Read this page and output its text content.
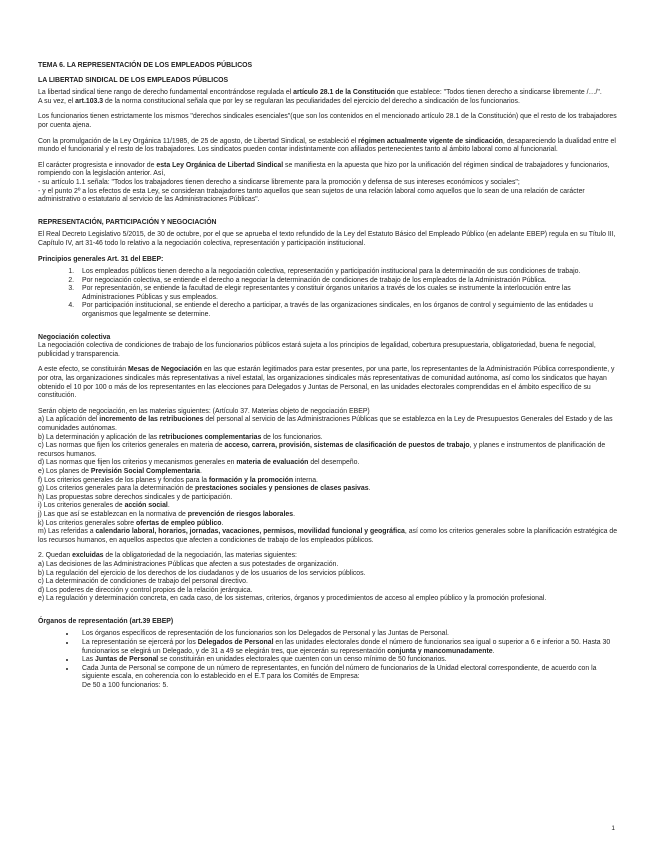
TEMA 6. LA REPRESENTACIÓN DE LOS EMPLEADOS PÚBLICOS

LA LIBERTAD SINDICAL DE LOS EMPLEADOS PÚBLICOS

La libertad sindical tiene rango de derecho fundamental encontrándose regulada el artículo 28.1 de la Constitución que establece: "Todos tienen derecho a sindicarse libremente /…/".

A su vez, el art.103.3 de la norma constitucional señala que por ley se regularan las peculiaridades del ejercicio del derecho a sindicación de los funcionarios.

Los funcionarios tienen estrictamente los mismos "derechos sindicales esenciales"(que son los contenidos en el mencionado artículo 28.1 de la Constitución) que el resto de los trabajadores por cuenta ajena.

Con la promulgación de la Ley Orgánica 11/1985, de 25 de agosto, de Libertad Sindical, se estableció el régimen actualmente vigente de sindicación, desapareciendo la dualidad entre el mundo el funcionarial y el resto de los trabajadores. Los sindicatos pueden contar indistintamente con afiliados pertenecientes tanto al ámbito laboral como al funcionarial.

El carácter progresista e innovador de esta Ley Orgánica de Libertad Sindical se manifiesta en la apuesta que hizo por la unificación del régimen sindical de trabajadores y funcionarios, rompiendo con la legislación anterior. Así,

- su artículo 1.1 señala: "Todos los trabajadores tienen derecho a sindicarse libremente para la promoción y defensa de sus intereses económicos y sociales";

- y el punto 2º a los efectos de esta Ley, se consideran trabajadores tanto aquellos que sean sujetos de una relación laboral como aquellos que lo sean de una relación de carácter administrativo o estatutario al servicio de las Administraciones Públicas".

REPRESENTACIÓN, PARTICIPACIÓN Y NEGOCIACIÓN

El Real Decreto Legislativo 5/2015, de 30 de octubre, por el que se aprueba el texto refundido de la Ley del Estatuto Básico del Empleado Público (en adelante EBEP) regula en su Título III, Capítulo IV, art 31-46 todo lo relativo a la negociación colectiva, representación y participación institucional.

Principios generales Art. 31 del EBEP:

1. Los empleados públicos tienen derecho a la negociación colectiva, representación y participación institucional para la determinación de sus condiciones de trabajo.
2. Por negociación colectiva, se entiende el derecho a negociar la determinación de condiciones de trabajo de los empleados de la Administración Pública.
3. Por representación, se entiende la facultad de elegir representantes y constituir órganos unitarios a través de los cuales se instrumente la interlocución entre las Administraciones Públicas y sus empleados.
4. Por participación institucional, se entiende el derecho a participar, a través de las organizaciones sindicales, en los órganos de control y seguimiento de las entidades u organismos que legalmente se determine.

Negociación colectiva

La negociación colectiva de condiciones de trabajo de los funcionarios públicos estará sujeta a los principios de legalidad, cobertura presupuestaria, obligatoriedad, buena fe negocial, publicidad y transparencia.

A este efecto, se constituirán Mesas de Negociación en las que estarán legitimados para estar presentes, por una parte, los representantes de la Administración Pública correspondiente, y por otra, las organizaciones sindicales más representativas a nivel estatal, las organizaciones sindicales más representativas de comunidad autónoma, así como los sindicatos que hayan obtenido el 10 por 100 o más de los representantes en las elecciones para Delegados y Juntas de Personal, en las unidades electorales comprendidas en el ámbito específico de su constitución.

Serán objeto de negociación, en las materias siguientes: (Artículo 37. Materias objeto de negociación EBEP)

a) La aplicación del incremento de las retribuciones del personal al servicio de las Administraciones Públicas que se establezca en la Ley de Presupuestos Generales del Estado y de las comunidades autónomas.

b) La determinación y aplicación de las retribuciones complementarias de los funcionarios.

c) Las normas que fijen los criterios generales en materia de acceso, carrera, provisión, sistemas de clasificación de puestos de trabajo, y planes e instrumentos de planificación de recursos humanos.

d) Las normas que fijen los criterios y mecanismos generales en materia de evaluación del desempeño.

e) Los planes de Previsión Social Complementaria.

f) Los criterios generales de los planes y fondos para la formación y la promoción interna.

g) Los criterios generales para la determinación de prestaciones sociales y pensiones de clases pasivas.

h) Las propuestas sobre derechos sindicales y de participación.

i) Los criterios generales de acción social.

j) Las que así se establezcan en la normativa de prevención de riesgos laborales.

k) Los criterios generales sobre ofertas de empleo público.

m) Las referidas a calendario laboral, horarios, jornadas, vacaciones, permisos, movilidad funcional y geográfica, así como los criterios generales sobre la planificación estratégica de los recursos humanos, en aquellos aspectos que afecten a condiciones de trabajo de los empleados públicos.

2. Quedan excluidas de la obligatoriedad de la negociación, las materias siguientes:

a) Las decisiones de las Administraciones Públicas que afecten a sus potestades de organización.

b) La regulación del ejercicio de los derechos de los ciudadanos y de los usuarios de los servicios públicos.

c) La determinación de condiciones de trabajo del personal directivo.

d) Los poderes de dirección y control propios de la relación jerárquica.

e) La regulación y determinación concreta, en cada caso, de los sistemas, criterios, órganos y procedimientos de acceso al empleo público y la promoción profesional.

Órganos de representación (art.39 EBEP)

• Los órganos específicos de representación de los funcionarios son los Delegados de Personal y las Juntas de Personal.
• La representación se ejercerá por los Delegados de Personal en las unidades electorales donde el número de funcionarios sea igual o superior a 6 e inferior a 50. Hasta 30 funcionarios se elegirá un Delegado, y de 31 a 49 se elegirán tres, que ejercerán su representación conjunta y mancomunadamente.
• Las Juntas de Personal se constituirán en unidades electorales que cuenten con un censo mínimo de 50 funcionarios.
• Cada Junta de Personal se compone de un número de representantes, en función del número de funcionarios de la Unidad electoral correspondiente, de acuerdo con la siguiente escala, en coherencia con lo establecido en el E.T para los Comités de Empresa:
De 50 a 100 funcionarios: 5.
1
